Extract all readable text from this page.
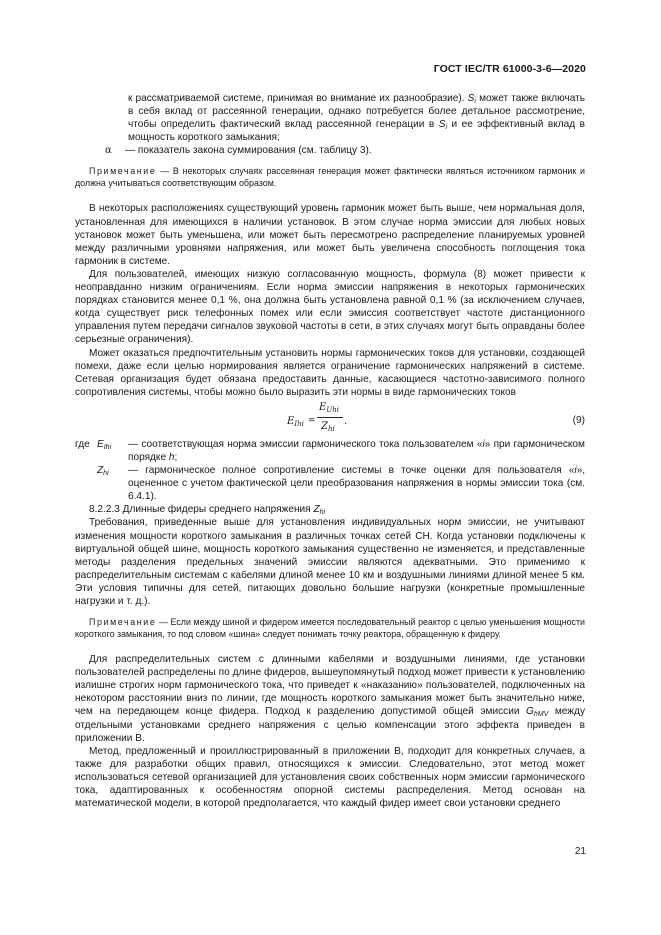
ГОСТ IEC/TR 61000-3-6—2020

к рассматриваемой системе, принимая во внимание их разнообразие). $S_i$ может также включать в себя вклад от рассеянной генерации, однако потребуется более детальное рассмотрение, чтобы определить фактический вклад рассеянной генерации в $S_i$ и ее эффективный вклад в мощность короткого замыкания;

α	— показатель закона суммирования (см. таблицу 3).

Примечание — В некоторых случаях рассеянная генерация может фактически являться источником гармоник и должна учитываться соответствующим образом.

В некоторых расположениях существующий уровень гармоник может быть выше, чем нормальная доля, установленная для имеющихся в наличии установок. В этом случае норма эмиссии для любых новых установок может быть уменьшена, или может быть пересмотрено распределение планируемых уровней между различными уровнями напряжения, или может быть увеличена способность поглощения тока гармоник в системе.

Для пользователей, имеющих низкую согласованную мощность, формула (8) может привести к неоправданно низким ограничениям. Если норма эмиссии напряжения в некоторых гармонических порядках становится менее 0,1 %, она должна быть установлена равной 0,1 % (за исключением случаев, когда существует риск телефонных помех или если эмиссия соответствует частоте дистанционного управления путем передачи сигналов звуковой частоты в сети, в этих случаях могут быть оправданы более серьезные ограничения).

Может оказаться предпочтительным установить нормы гармонических токов для установки, создающей помехи, даже если целью нормирования является ограничение гармонических напряжений в системе. Сетевая организация будет обязана предоставить данные, касающиеся частотно-зависимого полного сопротивления системы, чтобы можно было выразить эти нормы в виде гармонических токов

$E_{Ihi}$ =
$E_{Uhi}$
$Z_{hi}$
.	(9)
где $E_{Ihi}$	— соответствующая норма эмиссии гармонического тока пользователем «i» при гармоническом порядке h;
$Z_{hi}$	— гармоническое полное сопротивление системы в точке оценки для пользователя «i», оцененное с учетом фактической цели преобразования напряжения в нормы эмиссии тока (см. 6.4.1).

8.2.2.3 Длинные фидеры среднего напряжения $Z_{hi}$

Требования, приведенные выше для установления индивидуальных норм эмиссии, не учитывают изменения мощности короткого замыкания в различных точках сетей СН. Когда установки подключены к виртуальной общей шине, мощность короткого замыкания существенно не изменяется, и представленные методы разделения предельных значений эмиссии являются адекватными. Это применимо к распределительным системам с кабелями длиной менее 10 км и воздушными линиями длиной менее 5 км. Эти условия типичны для сетей, питающих довольно большие нагрузки (конкретные промышленные нагрузки и т. д.).

Примечание — Если между шиной и фидером имеется последовательный реактор с целью уменьшения мощности короткого замыкания, то под словом «шина» следует понимать точку реактора, обращенную к фидеру.

Для распределительных систем с длинными кабелями и воздушными линиями, где установки пользователей распределены по длине фидеров, вышеупомянутый подход может привести к установлению излишне строгих норм гармонического тока, что приведет к «наказанию» пользователей, подключенных на некотором расстоянии вниз по линии, где мощность короткого замыкания может быть значительно ниже, чем на передающем конце фидера. Подход к разделению допустимой общей эмиссии $G_{hMV}$ между отдельными установками среднего напряжения с целью компенсации этого эффекта приведен в приложении В.

Метод, предложенный и проиллюстрированный в приложении В, подходит для конкретных случаев, а также для разработки общих правил, относящихся к эмиссии. Следовательно, этот метод может использоваться сетевой организацией для установления своих собственных норм эмиссии гармонического тока, адаптированных к особенностям опорной системы распределения. Метод основан на математической модели, в которой предполагается, что каждый фидер имеет свои установки среднего

21
